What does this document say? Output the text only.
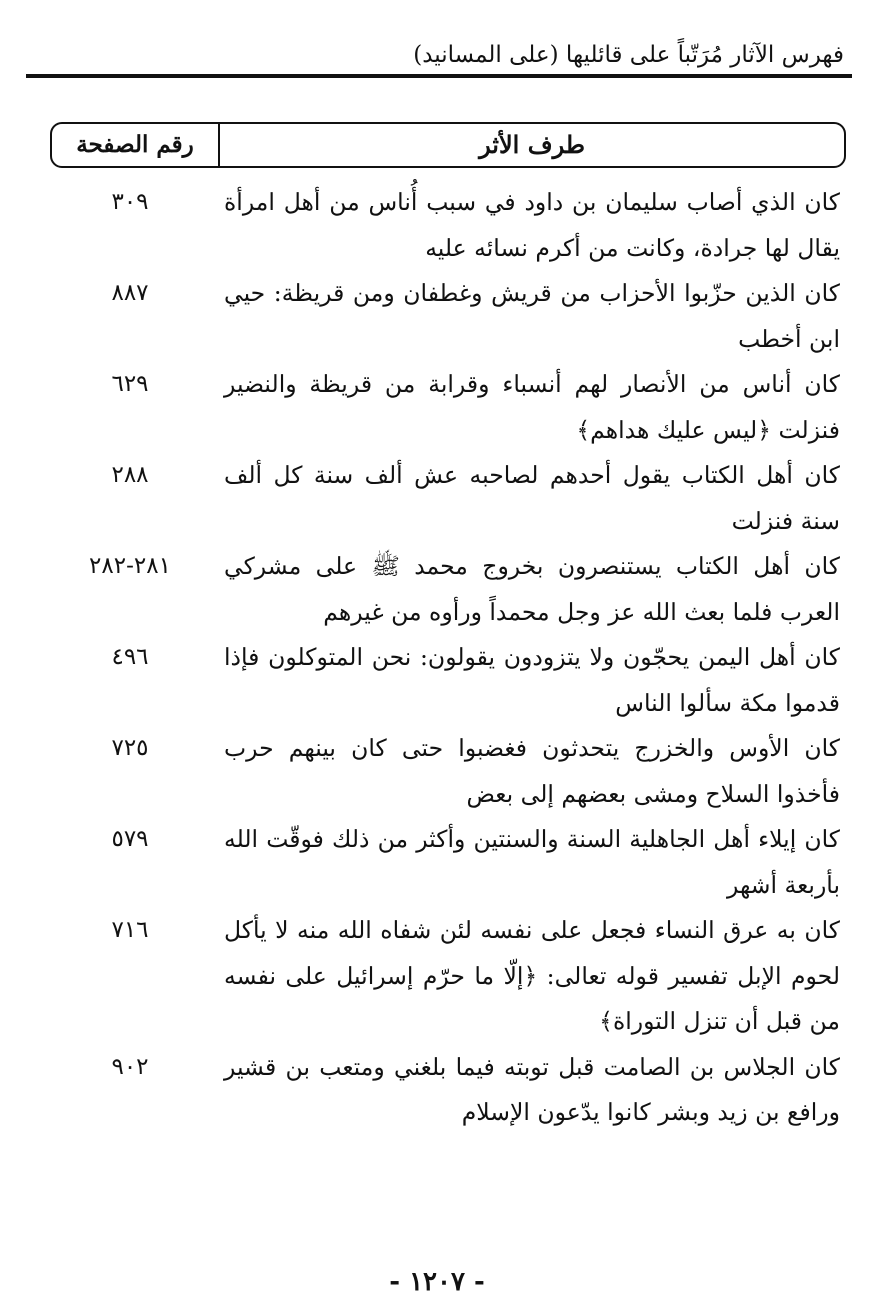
فهرس الآثار مُرَتّباً على قائليها (على المسانيد)
طرف الأثر
رقم الصفحة
كان الذي أصاب سليمان بن داود في سبب أُناس من أهل امرأة يقال لها جرادة، وكانت من أكرم نسائه عليه
٣٠٩
كان الذين حزّبوا الأحزاب من قريش وغطفان ومن قريظة: حيي ابن أخطب
٨٨٧
كان أناس من الأنصار لهم أنسباء وقرابة من قريظة والنضير فنزلت ﴿ليس عليك هداهم﴾
٦٢٩
كان أهل الكتاب يقول أحدهم لصاحبه عش ألف سنة كل ألف سنة فنزلت
٢٨٨
كان أهل الكتاب يستنصرون بخروج محمد ﷺ على مشركي العرب فلما بعث الله عز وجل محمداً ورأوه من غيرهم
٢٨١-٢٨٢
كان أهل اليمن يحجّون ولا يتزودون يقولون: نحن المتوكلون فإذا قدموا مكة سألوا الناس
٤٩٦
كان الأوس والخزرج يتحدثون فغضبوا حتى كان بينهم حرب فأخذوا السلاح ومشى بعضهم إلى بعض
٧٢٥
كان إيلاء أهل الجاهلية السنة والسنتين وأكثر من ذلك فوقّت الله بأربعة أشهر
٥٧٩
كان به عرق النساء فجعل على نفسه لئن شفاه الله منه لا يأكل لحوم الإبل تفسير قوله تعالى: ﴿إلّا ما حرّم إسرائيل على نفسه من قبل أن تنزل التوراة﴾
٧١٦
كان الجلاس بن الصامت قبل توبته فيما بلغني ومتعب بن قشير ورافع بن زيد وبشر كانوا يدّعون الإسلام
٩٠٢
- ١٢٠٧ -
